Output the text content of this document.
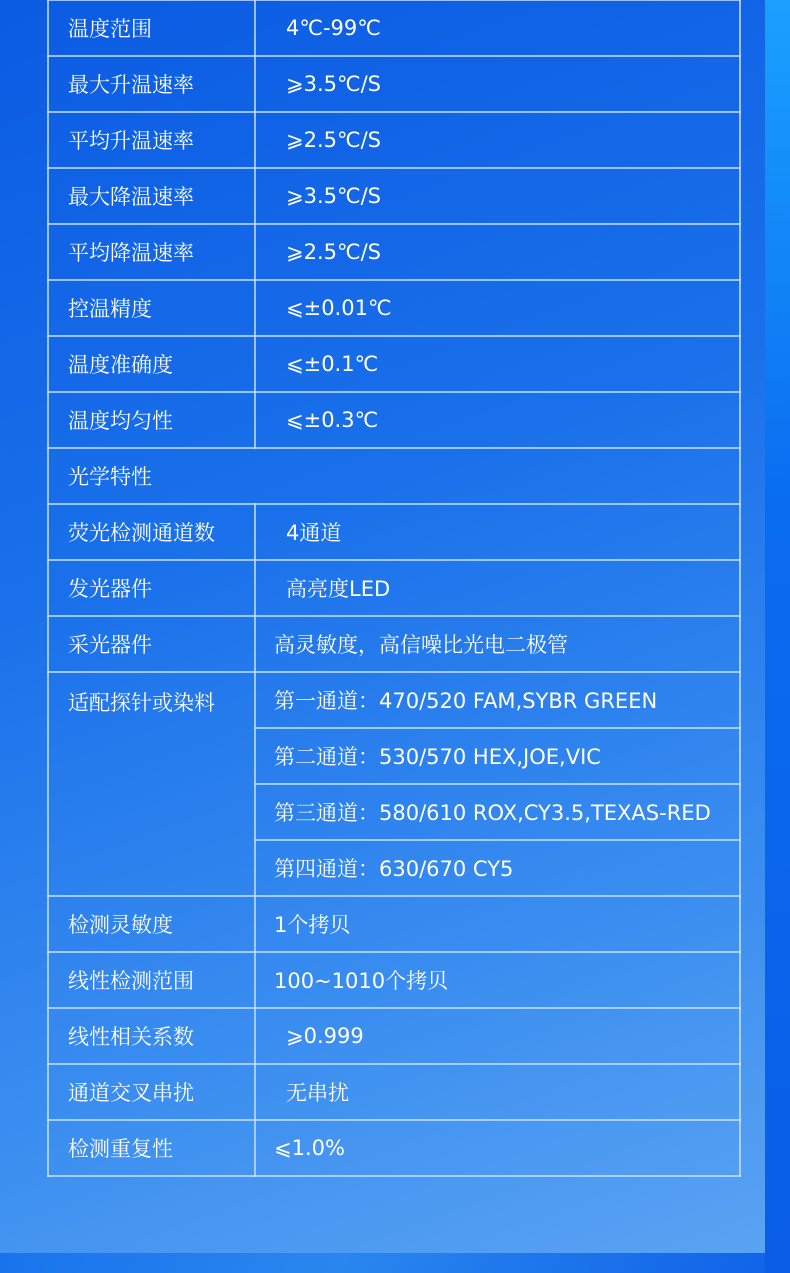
温度范围	4℃-99℃
最大升温速率	⩾3.5℃/S
平均升温速率	⩾2.5℃/S
最大降温速率	⩾3.5℃/S
平均降温速率	⩾2.5℃/S
控温精度	⩽±0.01℃
温度准确度	⩽±0.1℃
温度均匀性	⩽±0.3℃
光学特性	
荧光检测通道数	4通道
发光器件	高亮度LED
采光器件	高灵敏度，高信噪比光电二极管
适配探针或染料	第一通道：470/520 FAM,SYBR GREEN
	第二通道：530/570 HEX,JOE,VIC
	第三通道：580/610 ROX,CY3.5,TEXAS-RED
	第四通道：630/670 CY5
检测灵敏度	1个拷贝
线性检测范围	100~1010个拷贝
线性相关系数	⩾0.999
通道交叉串扰	无串扰
检测重复性	⩽1.0%
